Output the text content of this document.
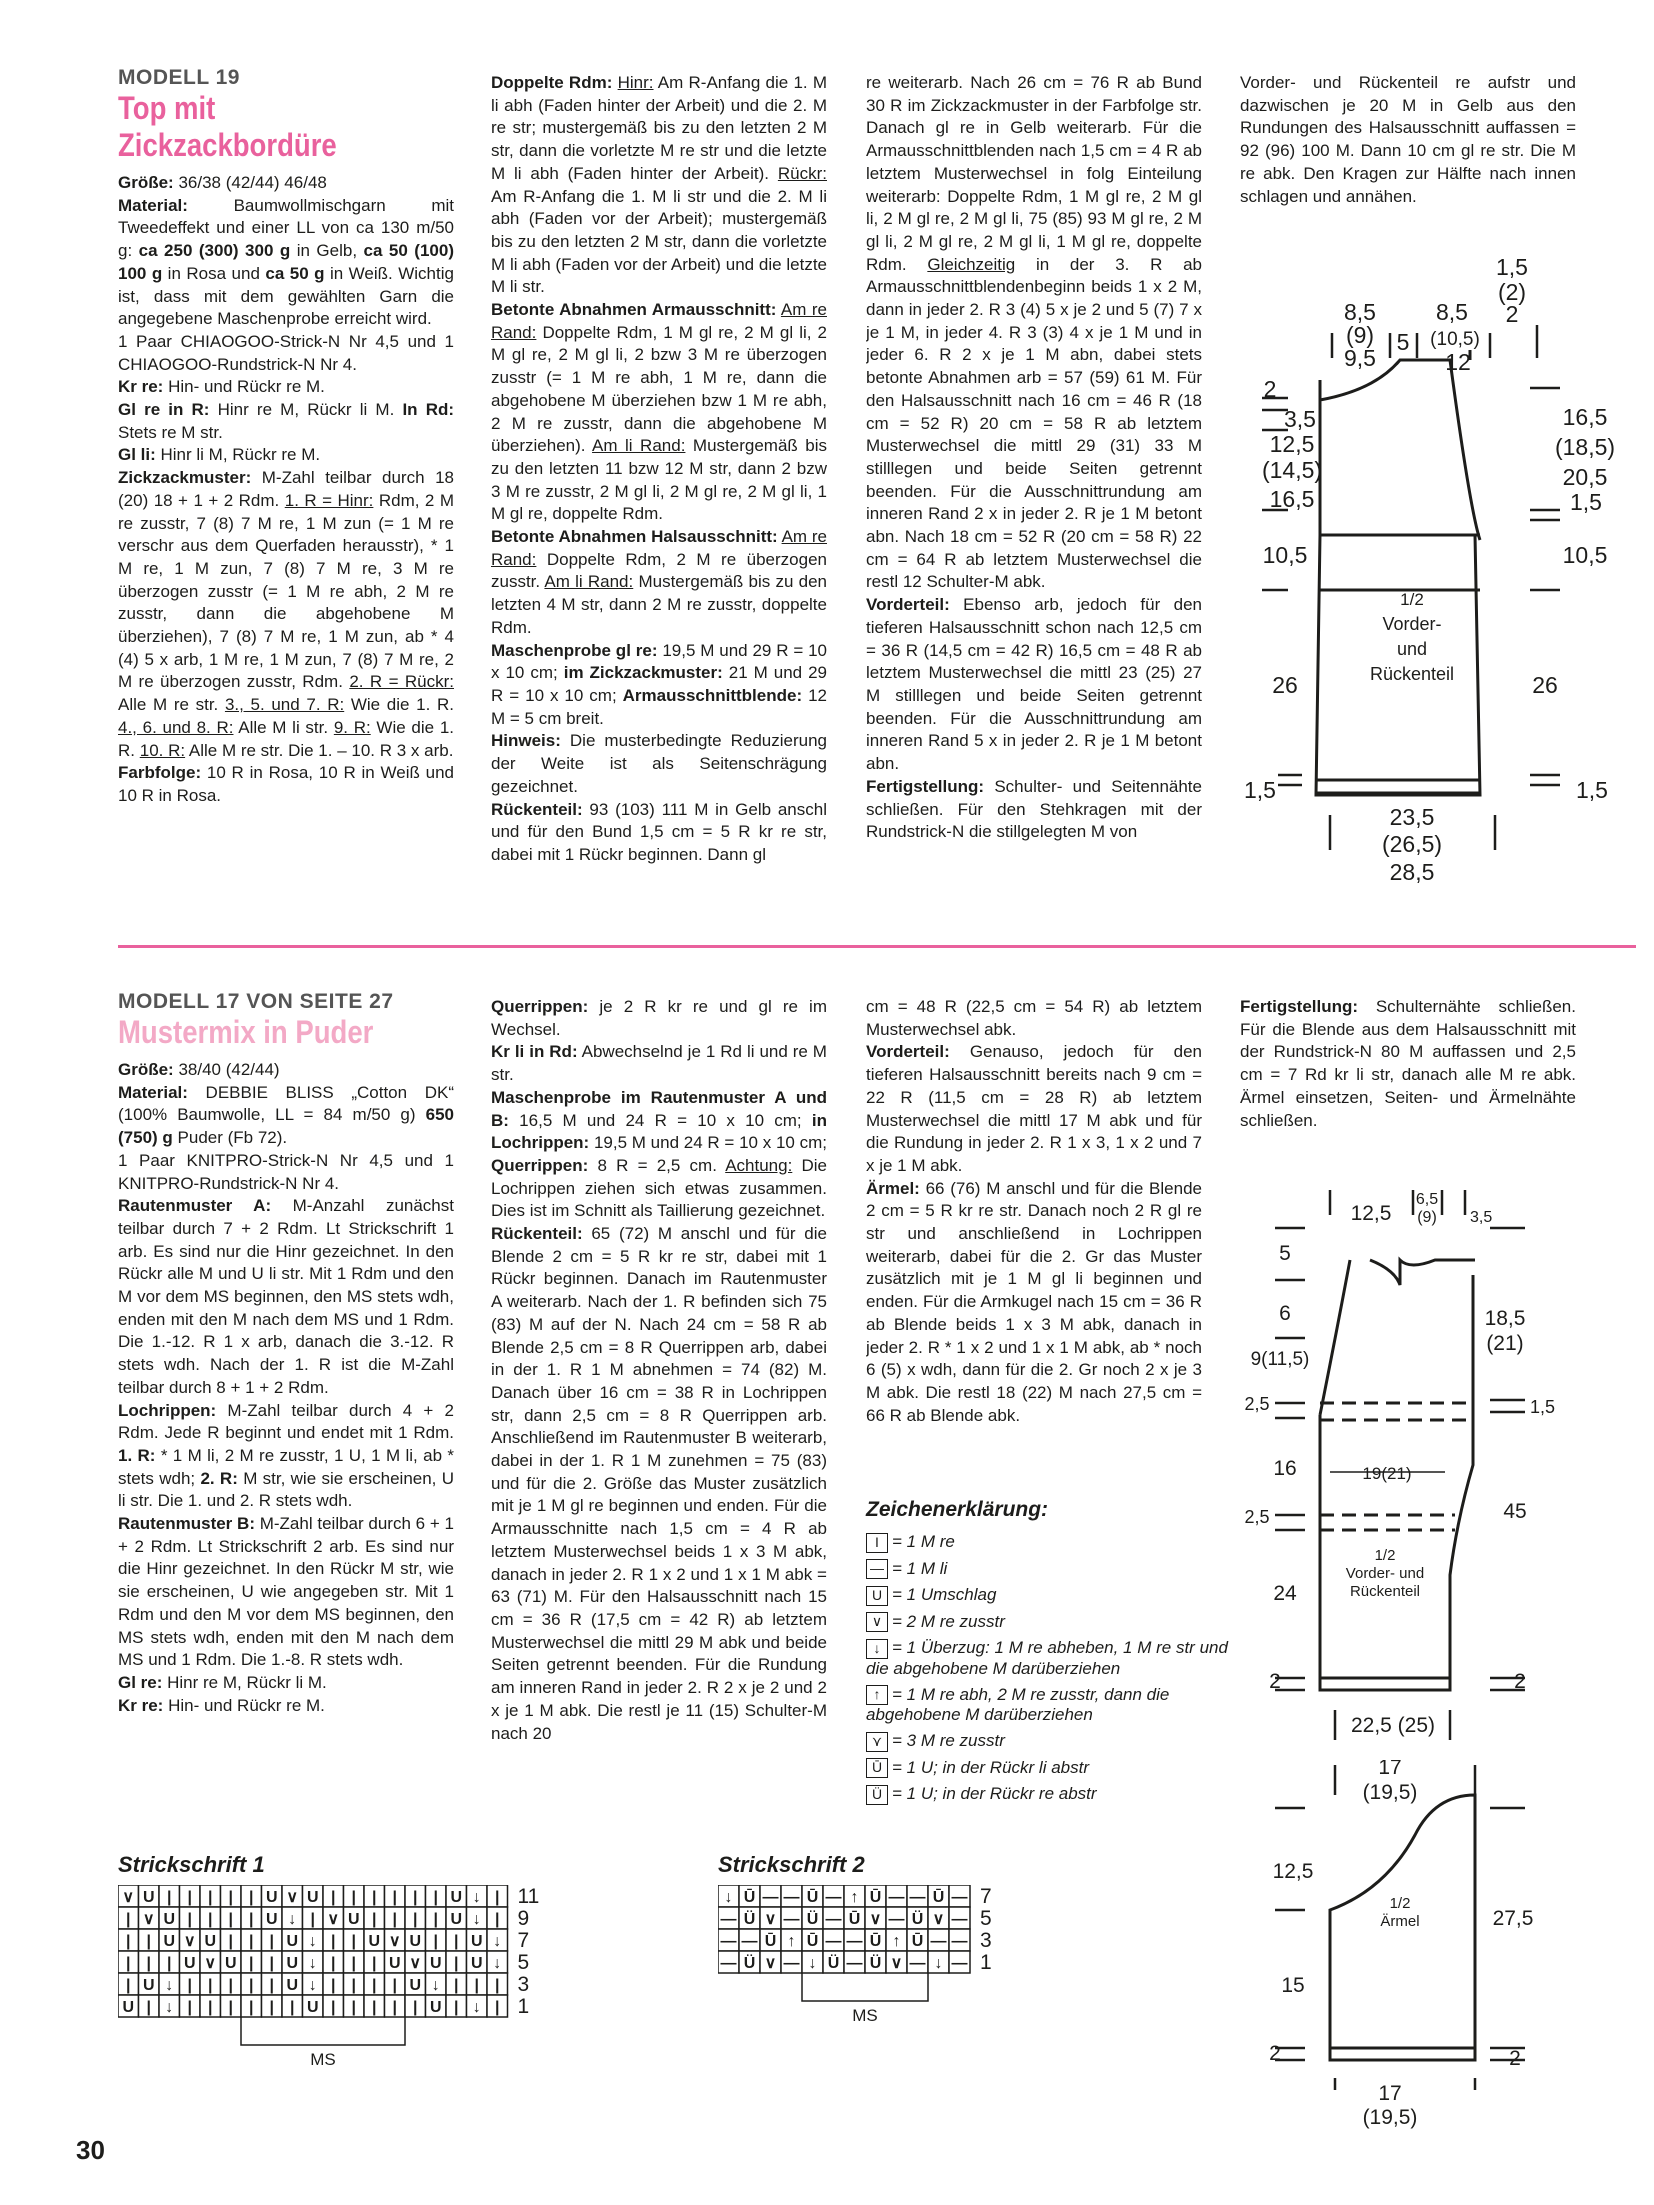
MODELL 19
Top mit
Zickzackbordüre

Größe: 36/38 (42/44) 46/48

Material: Baumwollmischgarn mit Tweedeffekt und einer LL von ca 130 m/50 g: ca 250 (300) 300 g in Gelb, ca 50 (100) 100 g in Rosa und ca 50 g in Weiß. Wichtig ist, dass mit dem gewählten Garn die angegebene Maschenprobe erreicht wird.

1 Paar CHIAOGOO-Strick-N Nr 4,5 und 1 CHIAOGOO-Rundstrick-N Nr 4.

Kr re: Hin- und Rückr re M.

Gl re in R: Hinr re M, Rückr li M. In Rd: Stets re M str.

Gl li: Hinr li M, Rückr re M.

Zickzackmuster: M-Zahl teilbar durch 18 (20) 18 + 1 + 2 Rdm. 1. R = Hinr: Rdm, 2 M re zusstr, 7 (8) 7 M re, 1 M zun (= 1 M re verschr aus dem Querfaden herausstr), * 1 M re, 1 M zun, 7 (8) 7 M re, 3 M re überzogen zusstr (= 1 M re abh, 2 M re zusstr, dann die abgehobene M überziehen), 7 (8) 7 M re, 1 M zun, ab * 4 (4) 5 x arb, 1 M re, 1 M zun, 7 (8) 7 M re, 2 M re überzogen zusstr, Rdm. 2. R = Rückr: Alle M re str. 3., 5. und 7. R: Wie die 1. R. 4., 6. und 8. R: Alle M li str. 9. R: Wie die 1. R. 10. R: Alle M re str. Die 1. – 10. R 3 x arb.

Farbfolge: 10 R in Rosa, 10 R in Weiß und 10 R in Rosa.

Doppelte Rdm: Hinr: Am R-Anfang die 1. M li abh (Faden hinter der Arbeit) und die 2. M re str; mustergemäß bis zu den letzten 2 M str, dann die vorletzte M re str und die letzte M li abh (Faden hinter der Arbeit). Rückr: Am R-Anfang die 1. M li str und die 2. M li abh (Faden vor der Arbeit); mustergemäß bis zu den letzten 2 M str, dann die vorletzte M li abh (Faden vor der Arbeit) und die letzte M li str.

Betonte Abnahmen Armausschnitt: Am re Rand: Doppelte Rdm, 1 M gl re, 2 M gl li, 2 M gl re, 2 M gl li, 2 bzw 3 M re überzogen zusstr (= 1 M re abh, 1 M re, dann die abgehobene M überziehen bzw 1 M re abh, 2 M re zusstr, dann die abgehobene M überziehen). Am li Rand: Mustergemäß bis zu den letzten 11 bzw 12 M str, dann 2 bzw 3 M re zusstr, 2 M gl li, 2 M gl re, 2 M gl li, 1 M gl re, doppelte Rdm.

Betonte Abnahmen Halsausschnitt: Am re Rand: Doppelte Rdm, 2 M re überzogen zusstr. Am li Rand: Mustergemäß bis zu den letzten 4 M str, dann 2 M re zusstr, doppelte Rdm.

Maschenprobe gl re: 19,5 M und 29 R = 10 x 10 cm; im Zickzackmuster: 21 M und 29 R = 10 x 10 cm; Armausschnittblende: 12 M = 5 cm breit.

Hinweis: Die musterbedingte Reduzierung der Weite ist als Seitenschrägung gezeichnet.

Rückenteil: 93 (103) 111 M in Gelb anschl und für den Bund 1,5 cm = 5 R kr re str, dabei mit 1 Rückr beginnen. Dann gl

re weiterarb. Nach 26 cm = 76 R ab Bund 30 R im Zickzackmuster in der Farbfolge str. Danach gl re in Gelb weiterarb. Für die Armausschnittblenden nach 1,5 cm = 4 R ab letztem Musterwechsel in folg Einteilung weiterarb: Doppelte Rdm, 1 M gl re, 2 M gl li, 2 M gl re, 2 M gl li, 75 (85) 93 M gl re, 2 M gl li, 2 M gl re, 2 M gl li, 1 M gl re, doppelte Rdm. Gleichzeitig in der 3. R ab Armausschnittblendenbeginn beids 1 x 2 M, dann in jeder 2. R 3 (4) 5 x je 2 und 5 (7) 7 x je 1 M, in jeder 4. R 3 (3) 4 x je 1 M und in jeder 6. R 2 x je 1 M abn, dabei stets betonte Abnahmen arb = 57 (59) 61 M. Für den Halsausschnitt nach 16 cm = 46 R (18 cm = 52 R) 20 cm = 58 R ab letztem Musterwechsel die mittl 29 (31) 33 M stilllegen und beide Seiten getrennt beenden. Für die Ausschnittrundung am inneren Rand 2 x in jeder 2. R je 1 M betont abn. Nach 18 cm = 52 R (20 cm = 58 R) 22 cm = 64 R ab letztem Musterwechsel die restl 12 Schulter-M abk.

Vorderteil: Ebenso arb, jedoch für den tieferen Halsausschnitt schon nach 12,5 cm = 36 R (14,5 cm = 42 R) 16,5 cm = 48 R ab letztem Musterwechsel die mittl 23 (25) 27 M stilllegen und beide Seiten getrennt beenden. Für die Ausschnittrundung am inneren Rand 5 x in jeder 2. R je 1 M betont abn.

Fertigstellung: Schulter- und Seitennähte schließen. Für den Stehkragen mit der Rundstrick-N die stillgelegten M von

Vorder- und Rückenteil re aufstr und dazwischen je 20 M in Gelb aus den Rundungen des Halsausschnitt auffassen = 92 (96) 100 M. Dann 10 cm gl re str. Die M re abk. Den Kragen zur Hälfte nach innen schlagen und annähen.

8,5
(9)
9,5
5
8,5
(10,5)
12
1,5
(2)
2
2
3,5
12,5
(14,5)
16,5
16,5
(18,5)
20,5
1,5
10,5	10,5
1/2
Vorder-
und
Rückenteil
26	26
1,5	1,5
23,5
(26,5)
28,5
MODELL 17 VON SEITE 27
Mustermix in Puder

Größe: 38/40 (42/44)

Material: DEBBIE BLISS „Cotton DK“ (100% Baumwolle, LL = 84 m/50 g) 650 (750) g Puder (Fb 72).

1 Paar KNITPRO-Strick-N Nr 4,5 und 1 KNITPRO-Rundstrick-N Nr 4.

Rautenmuster A: M-Anzahl zunächst teilbar durch 7 + 2 Rdm. Lt Strickschrift 1 arb. Es sind nur die Hinr gezeichnet. In den Rückr alle M und U li str. Mit 1 Rdm und den M vor dem MS beginnen, den MS stets wdh, enden mit den M nach dem MS und 1 Rdm. Die 1.-12. R 1 x arb, danach die 3.-12. R stets wdh. Nach der 1. R ist die M-Zahl teilbar durch 8 + 1 + 2 Rdm.

Lochrippen: M-Zahl teilbar durch 4 + 2 Rdm. Jede R beginnt und endet mit 1 Rdm. 1. R: * 1 M li, 2 M re zusstr, 1 U, 1 M li, ab * stets wdh; 2. R: M str, wie sie erscheinen, U li str. Die 1. und 2. R stets wdh.

Rautenmuster B: M-Zahl teilbar durch 6 + 1 + 2 Rdm. Lt Strickschrift 2 arb. Es sind nur die Hinr gezeichnet. In den Rückr M str, wie sie erscheinen, U wie angegeben str. Mit 1 Rdm und den M vor dem MS beginnen, den MS stets wdh, enden mit den M nach dem MS und 1 Rdm. Die 1.-8. R stets wdh.

Gl re: Hinr re M, Rückr li M.

Kr re: Hin- und Rückr re M.

Querrippen: je 2 R kr re und gl re im Wechsel.

Kr li in Rd: Abwechselnd je 1 Rd li und re M str.

Maschenprobe im Rautenmuster A und B: 16,5 M und 24 R = 10 x 10 cm; in Lochrippen: 19,5 M und 24 R = 10 x 10 cm; Querrippen: 8 R = 2,5 cm. Achtung: Die Lochrippen ziehen sich etwas zusammen. Dies ist im Schnitt als Taillierung gezeichnet.

Rückenteil: 65 (72) M anschl und für die Blende 2 cm = 5 R kr re str, dabei mit 1 Rückr beginnen. Danach im Rautenmuster A weiterarb. Nach der 1. R befinden sich 75 (83) M auf der N. Nach 24 cm = 58 R ab Blende 2,5 cm = 8 R Querrippen arb, dabei in der 1. R 1 M abnehmen = 74 (82) M. Danach über 16 cm = 38 R in Lochrippen str, dann 2,5 cm = 8 R Querrippen arb. Anschließend im Rautenmuster B weiterarb, dabei in der 1. R 1 M zunehmen = 75 (83) und für die 2. Größe das Muster zusätzlich mit je 1 M gl re beginnen und enden. Für die Armausschnitte nach 1,5 cm = 4 R ab letztem Musterwechsel beids 1 x 3 M abk, danach in jeder 2. R 1 x 2 und 1 x 1 M abk = 63 (71) M. Für den Halsausschnitt nach 15 cm = 36 R (17,5 cm = 42 R) ab letztem Musterwechsel die mittl 29 M abk und beide Seiten getrennt beenden. Für die Rundung am inneren Rand in jeder 2. R 2 x je 2 und 2 x je 1 M abk. Die restl je 11 (15) Schulter-M nach 20

cm = 48 R (22,5 cm = 54 R) ab letztem Musterwechsel abk.

Vorderteil: Genauso, jedoch für den tieferen Halsausschnitt bereits nach 9 cm = 22 R (11,5 cm = 28 R) ab letztem Musterwechsel die mittl 17 M abk und für die Rundung in jeder 2. R 1 x 3, 1 x 2 und 7 x je 1 M abk.

Ärmel: 66 (76) M anschl und für die Blende 2 cm = 5 R kr re str. Danach noch 2 R gl re str und anschließend in Lochrippen weiterarb, dabei für die 2. Gr das Muster zusätzlich mit je 1 M gl li beginnen und enden. Für die Armkugel nach 15 cm = 36 R ab Blende beids 1 x 3 M abk, danach in jeder 2. R * 1 x 2 und 1 x 1 M abk, ab * noch 6 (5) x wdh, dann für die 2. Gr noch 2 x je 3 M abk. Die restl 18 (22) M nach 27,5 cm = 66 R ab Blende abk.

Fertigstellung: Schulternähte schließen. Für die Blende aus dem Halsausschnitt mit der Rundstrick-N 80 M auffassen und 2,5 cm = 7 Rd kr li str, danach alle M re abk. Ärmel einsetzen, Seiten- und Ärmelnähte schließen.

Zeichenerklärung:
I = 1 M re
— = 1 M li
U = 1 Umschlag
∨ = 2 M re zusstr
↓ = 1 Überzug: 1 M re abheben, 1 M re str und die abgehobene M darüberziehen
↑ = 1 M re abh, 2 M re zusstr, dann die abgehobene M darüberziehen
⋎ = 3 M re zusstr
Ū = 1 U; in der Rückr li abstr
Ü = 1 U; in der Rückr re abstr
Strickschrift 1
∨ U | | | | | U ∨ U | | | | | | U ↓ | 11
| ∨ U | | | | U ↓ | ∨ U | | | | U ↓ | 9
| | U ∨ U | | | U ↓ | | U ∨ U | | U ↓ 7
| | | U ∨ U | | U ↓ | | | U ∨ U | U ↓ 5
| U ↓ | | | | | U ↓ | | | | U ↓ | | | 3
U | ↓ | | | | | | U | | | | | U | ↓ | 1
MS
Strickschrift 2
↓ Ū — — Ū — ↑ Ū — — Ū — 7
— Ü ∨ — Ü — Ū ∨ — Ü ∨ — 5
— — Ū ↑ Ū — — Ū ↑ Ū — — 3
— Ü ∨ — ↓ Ü — Ü ∨ — ↓ — 1
MS
12,5
6,5
(9) 3,5
5
6
9(11,5)
2,5
16
2,5
24
2
18,5
(21)
1,5
45
2
19(21)
1/2
Vorder- und
Rückenteil
22,5 (25)
17
(19,5)
12,5
15
2
27,5
2
1/2
Ärmel
17
(19,5)
30
